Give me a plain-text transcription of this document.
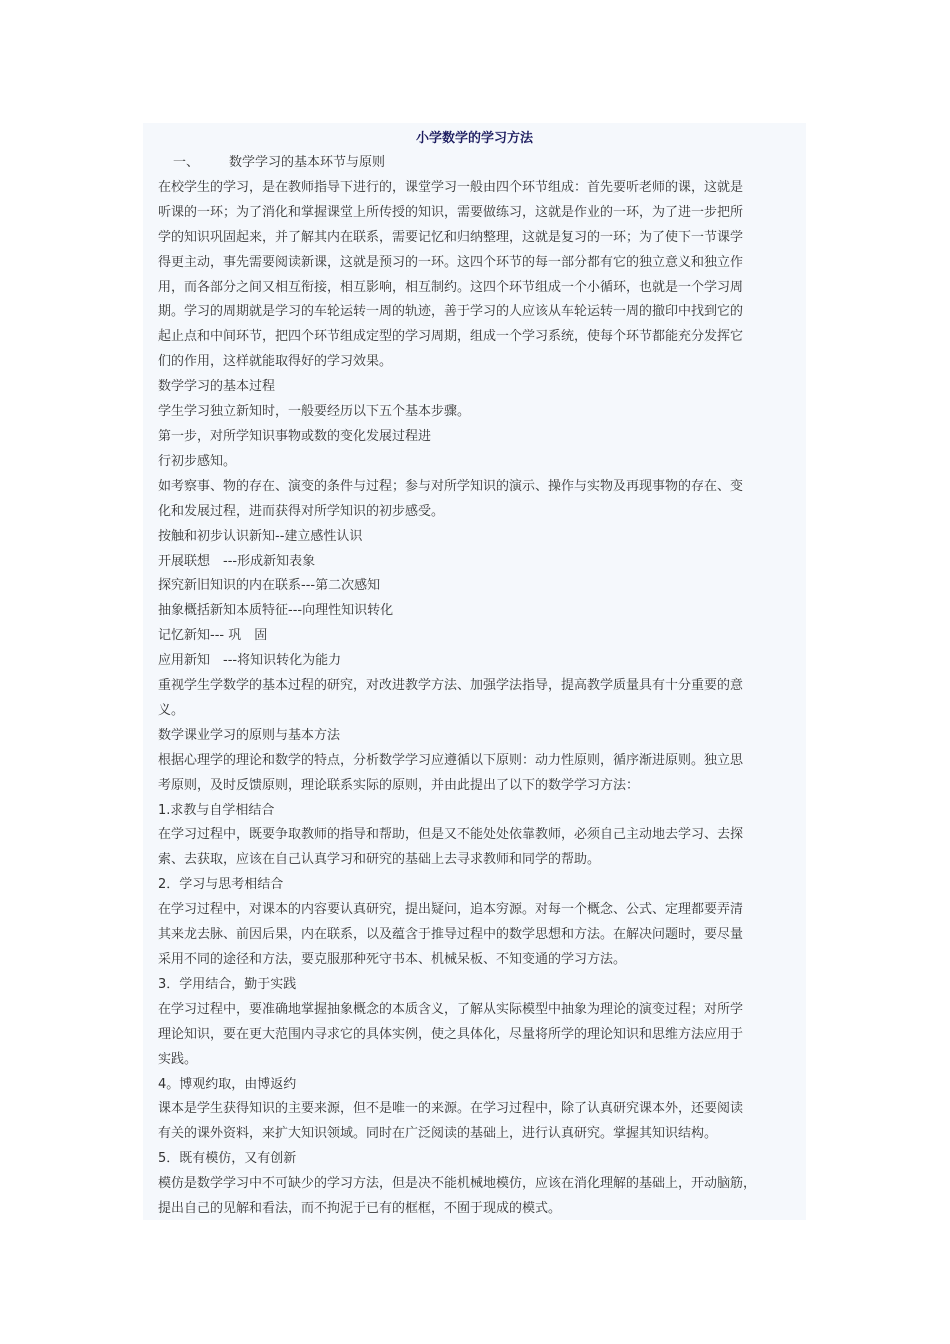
小学数学的学习方法
一、 数学学习的基本环节与原则
在校学生的学习，是在教师指导下进行的，课堂学习一般由四个环节组成：首先要听老师的课，这就是
听课的一环；为了消化和掌握课堂上所传授的知识，需要做练习，这就是作业的一环，为了进一步把所
学的知识巩固起来，并了解其内在联系，需要记忆和归纳整理，这就是复习的一环；为了使下一节课学
得更主动，事先需要阅读新课，这就是预习的一环。这四个环节的每一部分都有它的独立意义和独立作
用，而各部分之间又相互衔接，相互影响，相互制约。这四个环节组成一个小循环，也就是一个学习周
期。学习的周期就是学习的车轮运转一周的轨迹，善于学习的人应该从车轮运转一周的撤印中找到它的
起止点和中间环节，把四个环节组成定型的学习周期，组成一个学习系统，使每个环节都能充分发挥它
们的作用，这样就能取得好的学习效果。
数学学习的基本过程
学生学习独立新知时，一般要经历以下五个基本步骤。
第一步，对所学知识事物或数的变化发展过程进
行初步感知。
如考察事、物的存在、演变的条件与过程；参与对所学知识的演示、操作与实物及再现事物的存在、变
化和发展过程，进而获得对所学知识的初步感受。
按触和初步认识新知--建立感性认识
开展联想　---形成新知表象
探究新旧知识的内在联系---第二次感知
抽象概括新知本质特征---向理性知识转化
记忆新知--- 巩　固
应用新知　---将知识转化为能力
重视学生学数学的基本过程的研究，对改进教学方法、加强学法指导，提高教学质量具有十分重要的意
义。
数学课业学习的原则与基本方法
根据心理学的理论和数学的特点，分析数学学习应遵循以下原则：动力性原则，循序渐进原则。独立思
考原则，及时反馈原则，理论联系实际的原则，并由此提出了以下的数学学习方法：
1.求教与自学相结合
在学习过程中，既要争取教师的指导和帮助，但是又不能处处依靠教师，必须自己主动地去学习、去探
索、去获取，应该在自己认真学习和研究的基础上去寻求教师和同学的帮助。
2．学习与思考相结合
在学习过程中，对课本的内容要认真研究，提出疑问，追本穷源。对每一个概念、公式、定理都要弄清
其来龙去脉、前因后果，内在联系，以及蕴含于推导过程中的数学思想和方法。在解决问题时，要尽量
采用不同的途径和方法，要克服那种死守书本、机械呆板、不知变通的学习方法。
3．学用结合，勤于实践
在学习过程中，要准确地掌握抽象概念的本质含义，了解从实际模型中抽象为理论的演变过程；对所学
理论知识，要在更大范围内寻求它的具体实例，使之具体化，尽量将所学的理论知识和思维方法应用于
实践。
4。博观约取，由博返约
课本是学生获得知识的主要来源，但不是唯一的来源。在学习过程中，除了认真研究课本外，还要阅读
有关的课外资料，来扩大知识领域。同时在广泛阅读的基础上，进行认真研究。掌握其知识结构。
5．既有模仿，又有创新
模仿是数学学习中不可缺少的学习方法，但是决不能机械地模仿，应该在消化理解的基础上，开动脑筋，
提出自己的见解和看法，而不拘泥于已有的框框，不囿于现成的模式。
